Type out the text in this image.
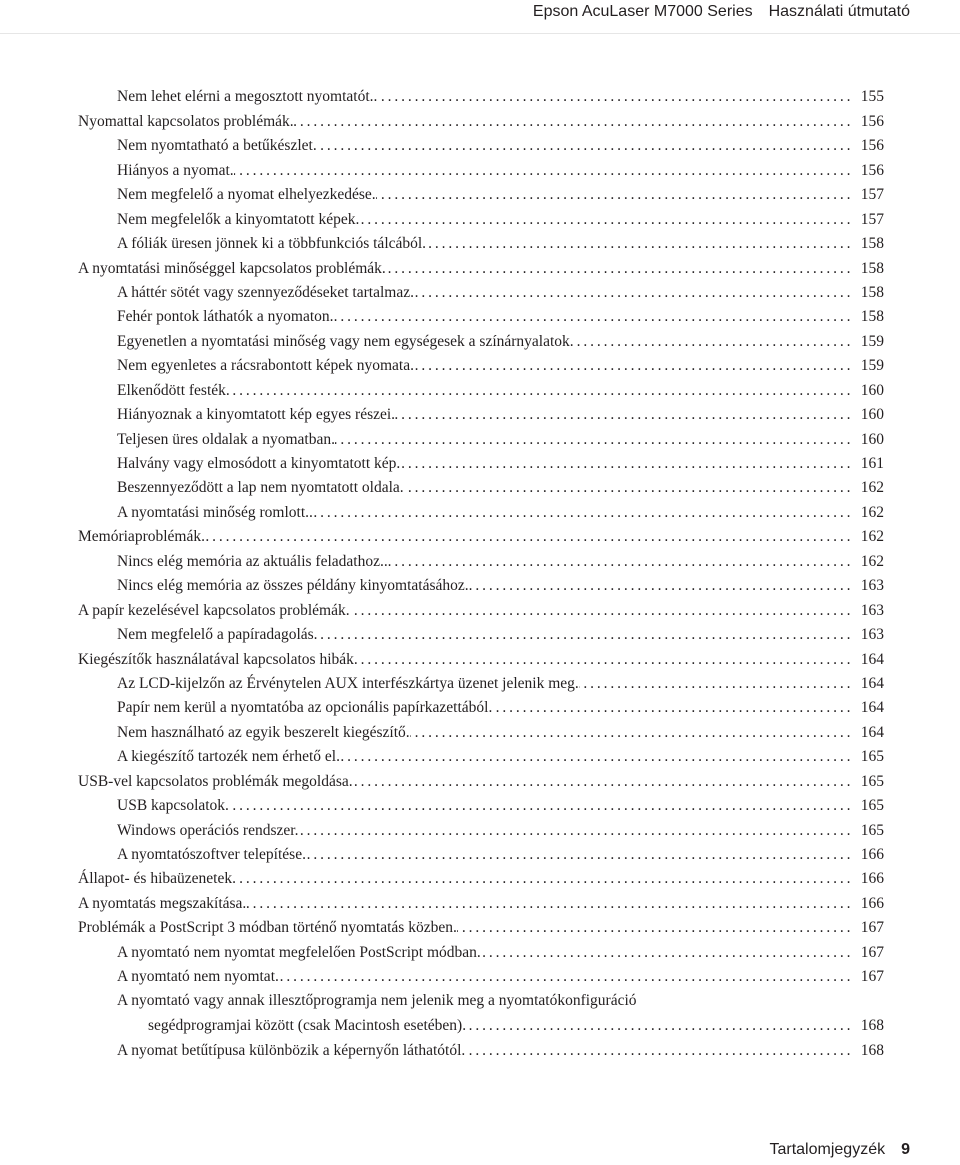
Epson AcuLaser M7000 Series Használati útmutató
Nem lehet elérni a megosztott nyomtatót.. . . .	155
Nyomattal kapcsolatos problémák. . . .	156
Nem nyomtatható a betűkészlet. . . .	156
Hiányos a nyomat. . . .	156
Nem megfelelő a nyomat elhelyezkedése. . . .	157
Nem megfelelők a kinyomtatott képek. . . .	157
A fóliák üresen jönnek ki a többfunkciós tálcából. . . .	158
A nyomtatási minőséggel kapcsolatos problémák. . . .	158
A háttér sötét vagy szennyeződéseket tartalmaz. . . .	158
Fehér pontok láthatók a nyomaton. . . .	158
Egyenetlen a nyomtatási minőség vagy nem egységesek a színárnyalatok. . . .	159
Nem egyenletes a rácsrabontott képek nyomata. . . .	159
Elkenődött festék. . . .	160
Hiányoznak a kinyomtatott kép egyes részei. . . .	160
Teljesen üres oldalak a nyomatban. . . .	160
Halvány vagy elmosódott a kinyomtatott kép. . . .	161
Beszennyeződött a lap nem nyomtatott oldala. . . .	162
A nyomtatási minőség romlott.. . . .	162
Memóriaproblémák. . . .	162
Nincs elég memória az aktuális feladathoz.. . . .	162
Nincs elég memória az összes példány kinyomtatásához. . . .	163
A papír kezelésével kapcsolatos problémák. . . .	163
Nem megfelelő a papíradagolás. . . .	163
Kiegészítők használatával kapcsolatos hibák. . . .	164
Az LCD-kijelzőn az Érvénytelen AUX interfészkártya üzenet jelenik meg. . . .	164
Papír nem kerül a nyomtatóba az opcionális papírkazettából. . . .	164
Nem használható az egyik beszerelt kiegészítő. . . .	164
A kiegészítő tartozék nem érhető el. . . .	165
USB-vel kapcsolatos problémák megoldása. . . .	165
USB kapcsolatok. . . .	165
Windows operációs rendszer. . . .	165
A nyomtatószoftver telepítése. . . .	166
Állapot- és hibaüzenetek. . . .	166
A nyomtatás megszakítása. . . .	166
Problémák a PostScript 3 módban történő nyomtatás közben. . . .	167
A nyomtató nem nyomtat megfelelően PostScript módban. . . .	167
A nyomtató nem nyomtat. . . .	167
A nyomtató vagy annak illesztőprogramja nem jelenik meg a nyomtatókonfiguráció
segédprogramjai között (csak Macintosh esetében). . . .	168
A nyomat betűtípusa különbözik a képernyőn láthatótól. . . .	168
Tartalomjegyzék 9
